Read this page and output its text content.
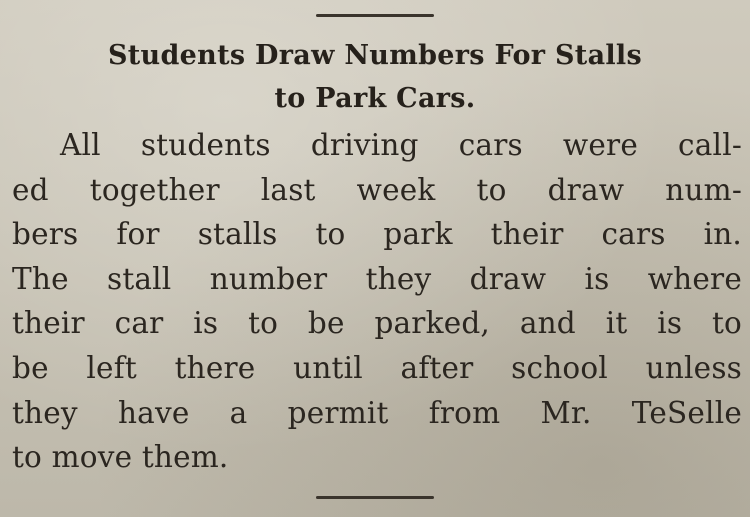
Students Draw Numbers For Stalls
to Park Cars.
All students driving cars were call-
ed together last week to draw num-
bers for stalls to park their cars in.
The stall number they draw is where
their car is to be parked, and it is to
be left there until after school unless
they have a permit from Mr. TeSelle
to move them.
